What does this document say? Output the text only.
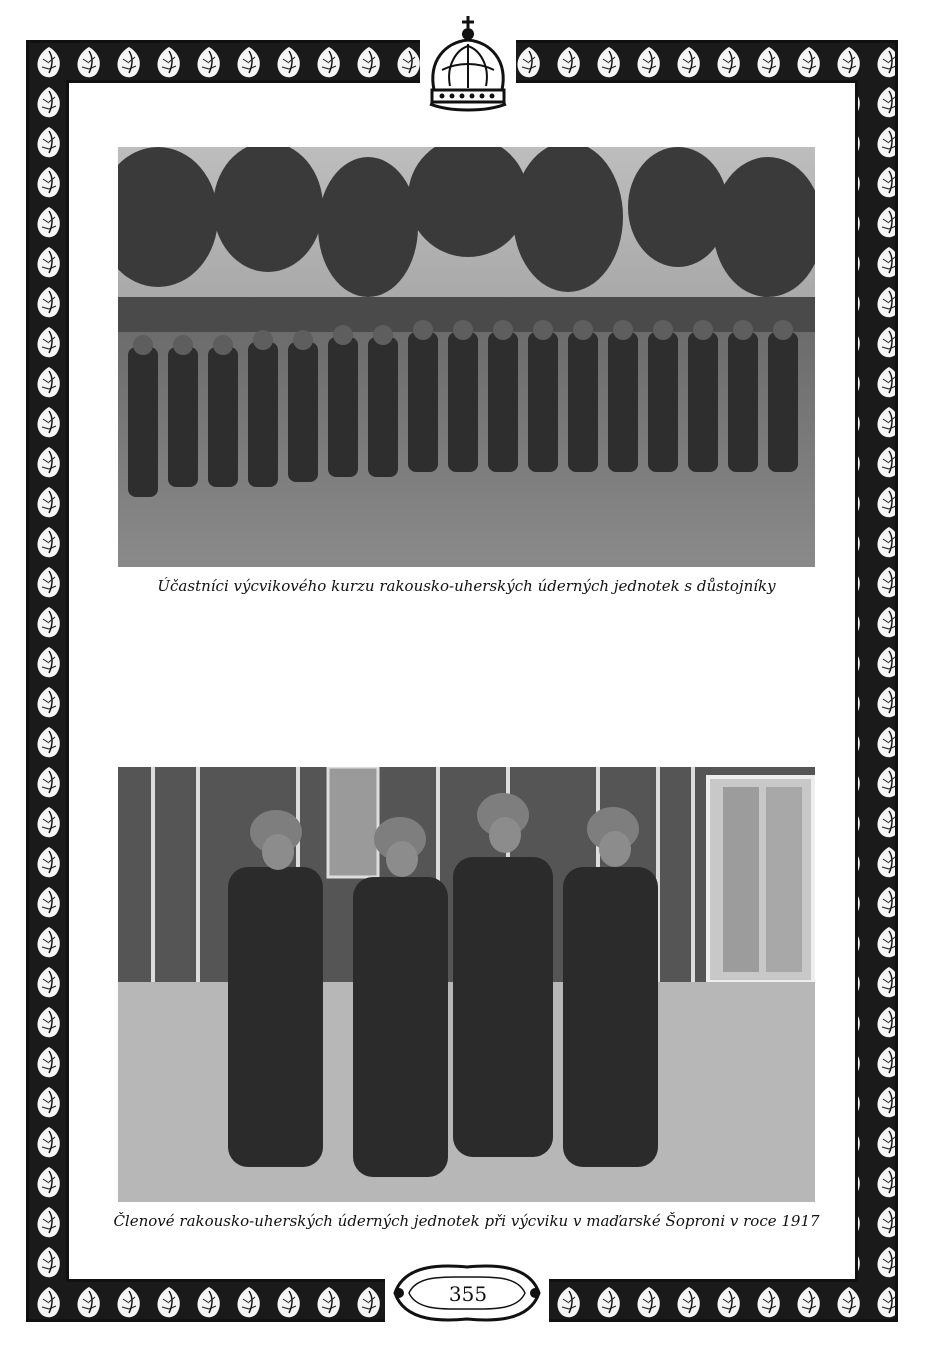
Účastníci výcvikového kurzu rakousko-uherských úderných jednotek s důstojníky
Členové rakousko-uherských úderných jednotek při výcviku v maďarské Šoproni v roce 1917
355
